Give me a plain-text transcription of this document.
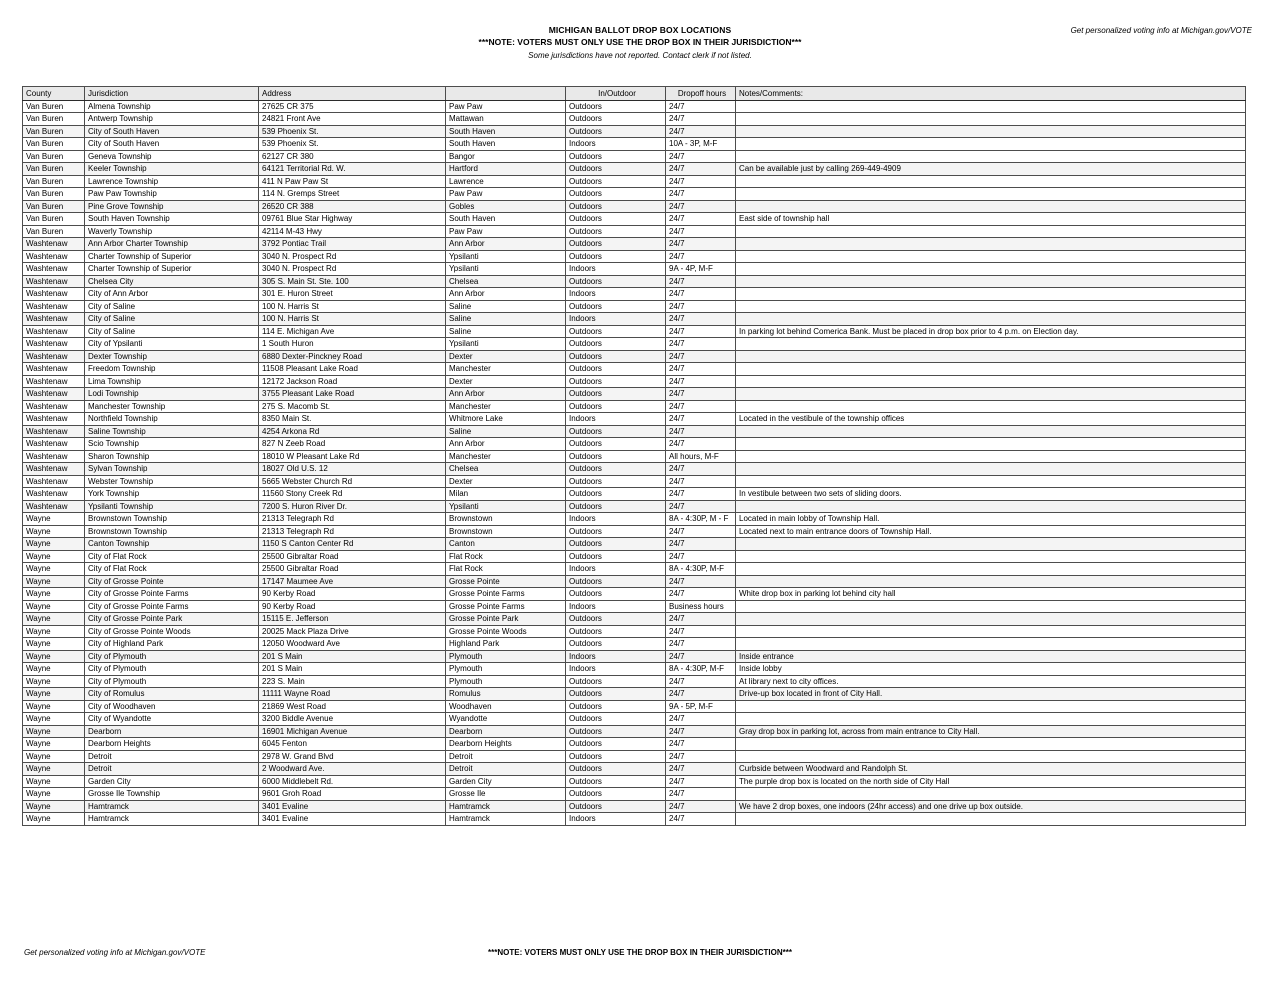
MICHIGAN BALLOT DROP BOX LOCATIONS
***NOTE: VOTERS MUST ONLY USE THE DROP BOX IN THEIR JURISDICTION***
Some jurisdictions have not reported. Contact clerk if not listed.
Get personalized voting info at Michigan.gov/VOTE
County	Jurisdiction	Address		In/Outdoor	Dropoff hours	Notes/Comments:
Van Buren	Almena Township	27625 CR 375	Paw Paw	Outdoors	24/7	
Van Buren	Antwerp Township	24821 Front Ave	Mattawan	Outdoors	24/7	
Van Buren	City of South Haven	539 Phoenix St.	South Haven	Outdoors	24/7	
Van Buren	City of South Haven	539 Phoenix St.	South Haven	Indoors	10A - 3P, M-F	
Van Buren	Geneva Township	62127 CR 380	Bangor	Outdoors	24/7	
Van Buren	Keeler Township	64121 Territorial Rd. W.	Hartford	Outdoors	24/7	Can be available just by calling 269-449-4909
Van Buren	Lawrence Township	411 N Paw Paw St	Lawrence	Outdoors	24/7	
Van Buren	Paw Paw Township	114 N. Gremps Street	Paw Paw	Outdoors	24/7	
Van Buren	Pine Grove Township	26520 CR 388	Gobles	Outdoors	24/7	
Van Buren	South Haven Township	09761 Blue Star Highway	South Haven	Outdoors	24/7	East side of township hall
Van Buren	Waverly Township	42114 M-43 Hwy	Paw Paw	Outdoors	24/7	
Washtenaw	Ann Arbor Charter Township	3792 Pontiac Trail	Ann Arbor	Outdoors	24/7	
Washtenaw	Charter Township of Superior	3040 N. Prospect Rd	Ypsilanti	Outdoors	24/7	
Washtenaw	Charter Township of Superior	3040 N. Prospect Rd	Ypsilanti	Indoors	9A - 4P, M-F	
Washtenaw	Chelsea City	305 S. Main St. Ste. 100	Chelsea	Outdoors	24/7	
Washtenaw	City of Ann Arbor	301 E. Huron Street	Ann Arbor	Indoors	24/7	
Washtenaw	City of Saline	100 N. Harris St	Saline	Outdoors	24/7	
Washtenaw	City of Saline	100 N. Harris St	Saline	Indoors	24/7	
Washtenaw	City of Saline	114 E. Michigan Ave	Saline	Outdoors	24/7	In parking lot behind Comerica Bank. Must be placed in drop box prior to 4 p.m. on Election day.
Washtenaw	City of Ypsilanti	1 South Huron	Ypsilanti	Outdoors	24/7	
Washtenaw	Dexter Township	6880 Dexter-Pinckney Road	Dexter	Outdoors	24/7	
Washtenaw	Freedom Township	11508 Pleasant Lake Road	Manchester	Outdoors	24/7	
Washtenaw	Lima Township	12172 Jackson Road	Dexter	Outdoors	24/7	
Washtenaw	Lodi Township	3755 Pleasant Lake Road	Ann Arbor	Outdoors	24/7	
Washtenaw	Manchester Township	275 S. Macomb St.	Manchester	Outdoors	24/7	
Washtenaw	Northfield Township	8350 Main St.	Whitmore Lake	Indoors	24/7	Located in the vestibule of the township offices
Washtenaw	Saline Township	4254 Arkona Rd	Saline	Outdoors	24/7	
Washtenaw	Scio Township	827 N Zeeb Road	Ann Arbor	Outdoors	24/7	
Washtenaw	Sharon Township	18010 W Pleasant Lake Rd	Manchester	Outdoors	All hours, M-F	
Washtenaw	Sylvan Township	18027 Old U.S. 12	Chelsea	Outdoors	24/7	
Washtenaw	Webster Township	5665 Webster Church Rd	Dexter	Outdoors	24/7	
Washtenaw	York Township	11560 Stony Creek Rd	Milan	Outdoors	24/7	In vestibule between two sets of sliding doors.
Washtenaw	Ypsilanti Township	7200 S. Huron River Dr.	Ypsilanti	Outdoors	24/7	
Wayne	Brownstown Township	21313 Telegraph Rd	Brownstown	Indoors	8A - 4:30P, M - F	Located in main lobby of Township Hall.
Wayne	Brownstown Township	21313 Telegraph Rd	Brownstown	Outdoors	24/7	Located next to main entrance doors of Township Hall.
Wayne	Canton Township	1150 S Canton Center Rd	Canton	Outdoors	24/7	
Wayne	City of Flat Rock	25500 Gibraltar Road	Flat Rock	Outdoors	24/7	
Wayne	City of Flat Rock	25500 Gibraltar Road	Flat Rock	Indoors	8A - 4:30P, M-F	
Wayne	City of Grosse Pointe	17147 Maumee Ave	Grosse Pointe	Outdoors	24/7	
Wayne	City of Grosse Pointe Farms	90 Kerby Road	Grosse Pointe Farms	Outdoors	24/7	White drop box in parking lot behind city hall
Wayne	City of Grosse Pointe Farms	90 Kerby Road	Grosse Pointe Farms	Indoors	Business hours	
Wayne	City of Grosse Pointe Park	15115 E. Jefferson	Grosse Pointe Park	Outdoors	24/7	
Wayne	City of Grosse Pointe Woods	20025 Mack Plaza Drive	Grosse Pointe Woods	Outdoors	24/7	
Wayne	City of Highland Park	12050 Woodward Ave	Highland Park	Outdoors	24/7	
Wayne	City of Plymouth	201 S Main	Plymouth	Indoors	24/7	Inside entrance
Wayne	City of Plymouth	201 S Main	Plymouth	Indoors	8A - 4:30P, M-F	Inside lobby
Wayne	City of Plymouth	223 S. Main	Plymouth	Outdoors	24/7	At library next to city offices.
Wayne	City of Romulus	11111 Wayne Road	Romulus	Outdoors	24/7	Drive-up box located in front of City Hall.
Wayne	City of Woodhaven	21869 West Road	Woodhaven	Outdoors	9A - 5P, M-F	
Wayne	City of Wyandotte	3200 Biddle Avenue	Wyandotte	Outdoors	24/7	
Wayne	Dearborn	16901 Michigan Avenue	Dearborn	Outdoors	24/7	Gray drop box in parking lot, across from main entrance to City Hall.
Wayne	Dearborn Heights	6045 Fenton	Dearborn Heights	Outdoors	24/7	
Wayne	Detroit	2978 W. Grand Blvd	Detroit	Outdoors	24/7	
Wayne	Detroit	2 Woodward Ave.	Detroit	Outdoors	24/7	Curbside between Woodward and Randolph St.
Wayne	Garden City	6000 Middlebelt Rd.	Garden City	Outdoors	24/7	The purple drop box is located on the north side of City Hall
Wayne	Grosse Ile Township	9601 Groh Road	Grosse Ile	Outdoors	24/7	
Wayne	Hamtramck	3401 Evaline	Hamtramck	Outdoors	24/7	We have 2 drop boxes, one indoors (24hr access) and one drive up box outside.
Wayne	Hamtramck	3401 Evaline	Hamtramck	Indoors	24/7	
Get personalized voting info at Michigan.gov/VOTE	***NOTE: VOTERS MUST ONLY USE THE DROP BOX IN THEIR JURISDICTION***
